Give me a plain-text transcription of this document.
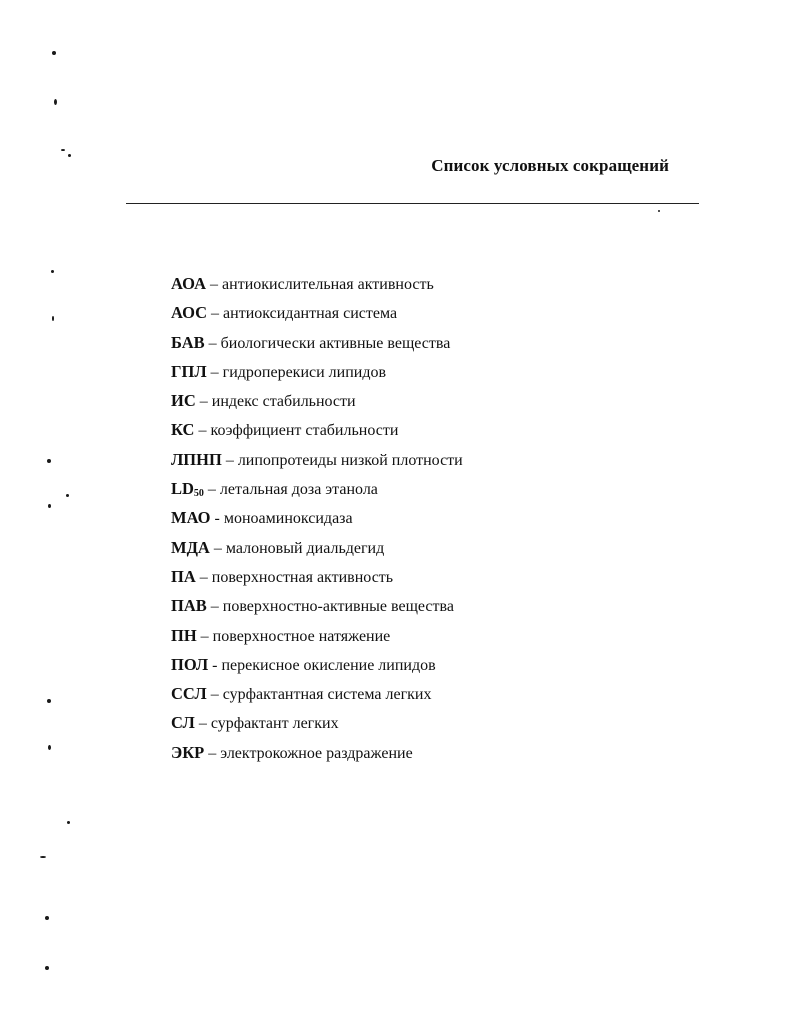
Список условных сокращений
АОА – антиокислительная активность
АОС – антиоксидантная система
БАВ – биологически активные вещества
ГПЛ – гидроперекиси липидов
ИС – индекс стабильности
КС – коэффициент стабильности
ЛПНП – липопротеиды низкой плотности
$LD_{50}$ – летальная доза этанола
МАО - моноаминоксидаза
МДА – малоновый диальдегид
ПА – поверхностная активность
ПАВ – поверхностно-активные вещества
ПН – поверхностное натяжение
ПОЛ - перекисное окисление липидов
ССЛ – сурфактантная система легких
СЛ – сурфактант легких
ЭКР – электрокожное раздражение
